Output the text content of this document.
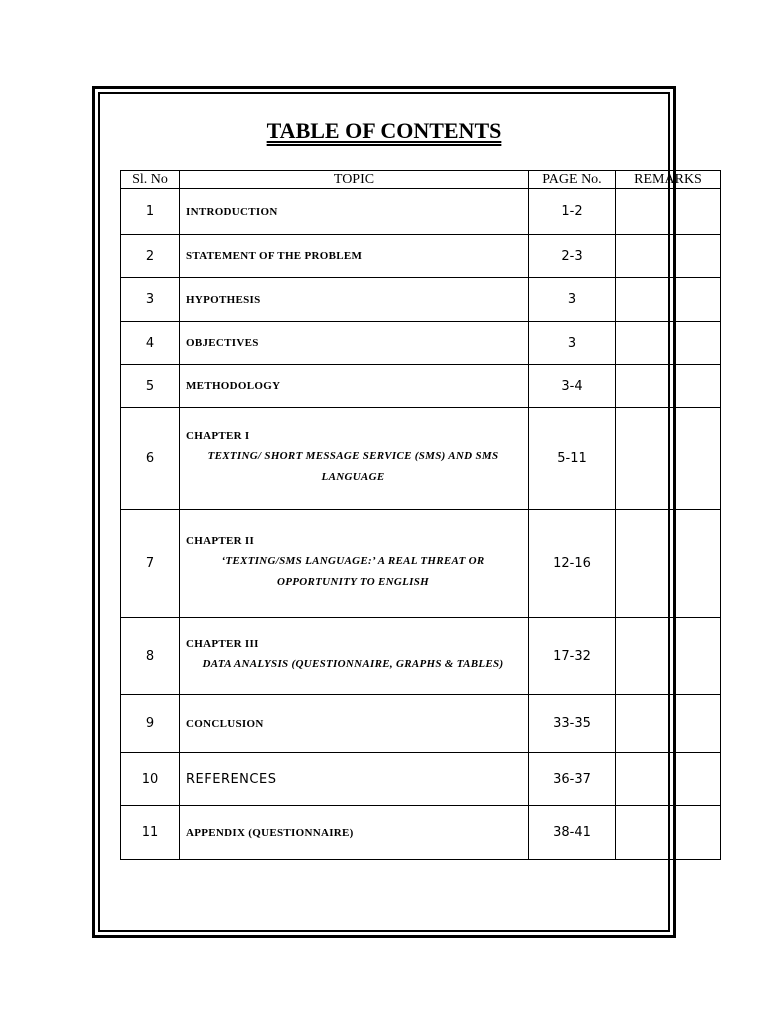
TABLE OF CONTENTS
Sl. No	TOPIC	PAGE No.	REMARKS
1	INTRODUCTION	1-2	
2	STATEMENT OF THE PROBLEM	2-3	
3	HYPOTHESIS	3	
4	OBJECTIVES	3	
5	METHODOLOGY	3-4	
6	CHAPTER I
TEXTING/ SHORT MESSAGE SERVICE (SMS) AND SMS LANGUAGE	5-11	
7	CHAPTER II
‘TEXTING/SMS LANGUAGE:’ A REAL THREAT OR OPPORTUNITY TO ENGLISH	12-16	
8	CHAPTER III
DATA ANALYSIS (QUESTIONNAIRE, GRAPHS & TABLES)	17-32	
9	CONCLUSION	33-35	
10	REFERENCES	36-37	
11	APPENDIX (QUESTIONNAIRE)	38-41	
